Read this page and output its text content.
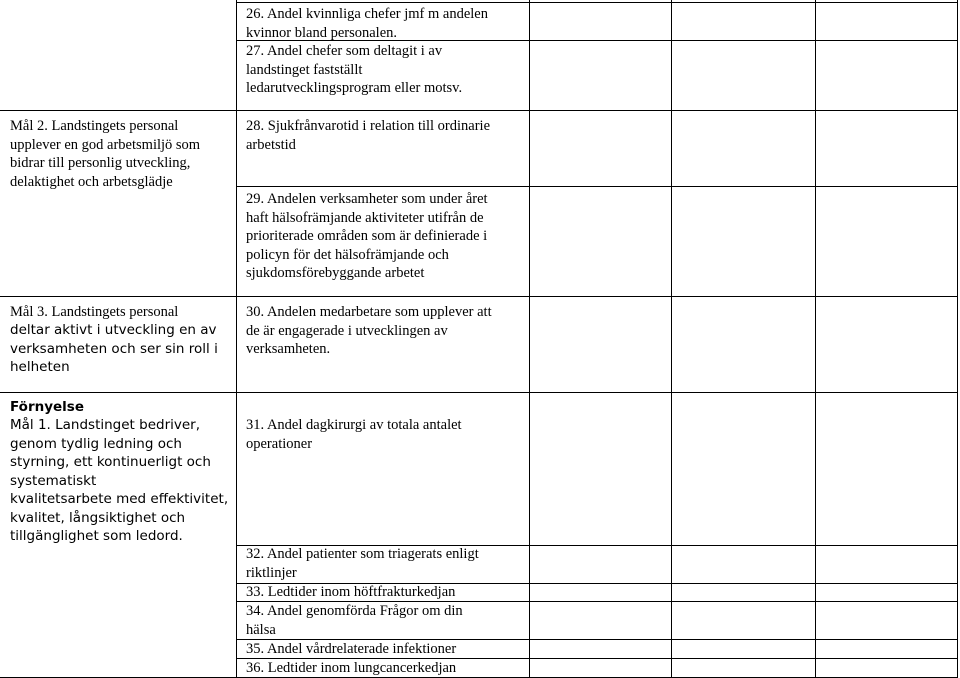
Mål 2. Landstingets personal
upplever en god arbetsmiljö som
bidrar till personlig utveckling,
delaktighet och arbetsglädje

Mål 3. Landstingets personal

deltar aktivt i utveckling en av
verksamheten och ser sin roll i
helheten

Förnyelse

Mål 1. Landstinget bedriver,
genom tydlig ledning och
styrning, ett kontinuerligt och
systematiskt
kvalitetsarbete med effektivitet,
kvalitet, långsiktighet och
tillgänglighet som ledord.

26. Andel kvinnliga chefer jmf m andelen
kvinnor bland personalen.

27. Andel chefer som deltagit i av
landstinget fastställt
ledarutvecklingsprogram eller motsv.

28. Sjukfrånvarotid i relation till ordinarie
arbetstid

29. Andelen verksamheter som under året
haft hälsofrämjande aktiviteter utifrån de
prioriterade områden som är definierade i
policyn för det hälsofrämjande och
sjukdomsförebyggande arbetet

30. Andelen medarbetare som upplever att
de är engagerade i utvecklingen av
verksamheten.

31. Andel dagkirurgi av totala antalet
operationer

32. Andel patienter som triagerats enligt
riktlinjer

33. Ledtider inom höftfrakturkedjan

34. Andel genomförda Frågor om din
hälsa

35. Andel vårdrelaterade infektioner

36. Ledtider inom lungcancerkedjan
